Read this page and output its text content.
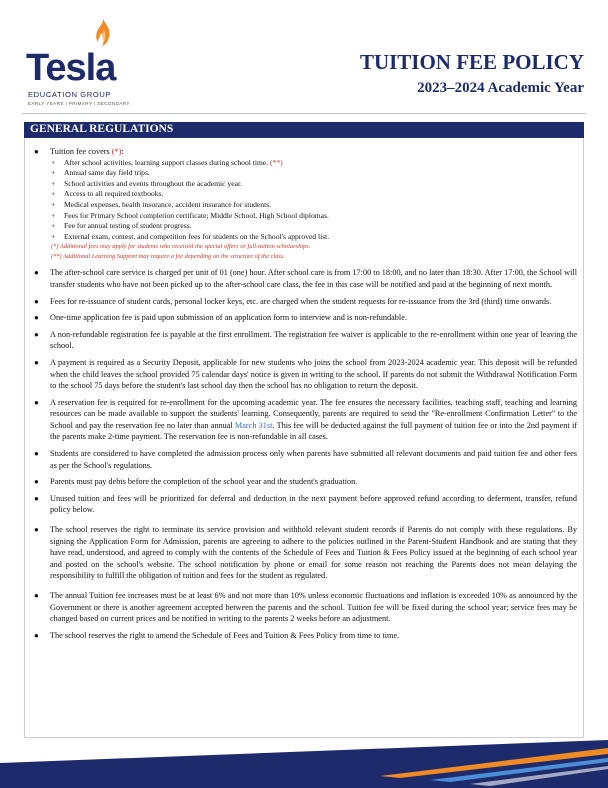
Tesla
EDUCATION GROUP
EARLY YEARS | PRIMARY | SECONDARY
TUITION FEE POLICY
2023–2024 Academic Year
GENERAL REGULATIONS
● Tuition fee covers (*):
+ After school activities, learning support classes during school time. (**)
+ Annual same day field trips.
+ School activities and events throughout the academic year.
+ Access to all required textbooks.
+ Medical expenses, health insurance, accident insurance for students.
+ Fees for Primary School completion certificate; Middle School, High School diplomas.
+ Fee for annual testing of student progress.
+ External exam, contest, and competition fees for students on the School's approved list.
(*) Additional fees may apply for students who received the special offers or full-tuition scholarships.
(**) Additional Learning Support may require a fee depending on the structure of the class.
● The after-school care service is charged per unit of 01 (one) hour. After school care is from 17:00 to 18:00, and no later than 18:30. After 17:00, the School will transfer students who have not been picked up to the after-school care class, the fee in this case will be notified and paid at the beginning of next month.
● Fees for re-issuance of student cards, personal locker keys, etc. are charged when the student requests for re-issuance from the 3rd (third) time onwards.
● One-time application fee is paid upon submission of an application form to interview and is non-refundable.
● A non-refundable registration fee is payable at the first enrollment. The registration fee waiver is applicable to the re-enrollment within one year of leaving the school.
● A payment is required as a Security Deposit, applicable for new students who joins the school from 2023-2024 academic year. This deposit will be refunded when the child leaves the school provided 75 calendar days' notice is given in writing to the school. If parents do not submit the Withdrawal Notification Form to the school 75 days before the student's last school day then the school has no obligation to return the deposit.
● A reservation fee is required for re-enrollment for the upcoming academic year. The fee ensures the necessary facilities, teaching staff, teaching and learning resources can be made available to support the students' learning. Consequently, parents are required to send the "Re-enrollment Confirmation Letter" to the School and pay the reservation fee no later than annual March 31st. This fee will be deducted against the full payment of tuition fee or into the 2nd payment if the parents make 2-time payment. The reservation fee is non-refundable in all cases.
● Students are considered to have completed the admission process only when parents have submitted all relevant documents and paid tuition fee and other fees as per the School's regulations.
● Parents must pay debts before the completion of the school year and the student's graduation.
● Unused tuition and fees will be prioritized for deferral and deduction in the next payment before approved refund according to deferment, transfer, refund policy below.
● The school reserves the right to terminate its service provision and withhold relevant student records if Parents do not comply with these regulations. By signing the Application Form for Admission, parents are agreeing to adhere to the policies outlined in the Parent-Student Handbook and are stating that they have read, understood, and agreed to comply with the contents of the Schedule of Fees and Tuition & Fees Policy issued at the beginning of each school year and posted on the school's website. The school notification by phone or email for some reason not reaching the Parents does not mean delaying the responsibility to fulfill the obligation of tuition and fees for the student as regulated.
● The annual Tuition fee increases must be at least 6% and not more than 10% unless economic fluctuations and inflation is exceeded 10% as announced by the Government or there is another agreement accepted between the parents and the school. Tuition fee will be fixed during the school year; service fees may be changed based on current prices and be notified in writing to the parents 2 weeks before an adjustment.
● The school reserves the right to amend the Schedule of Fees and Tuition & Fees Policy from time to time.
